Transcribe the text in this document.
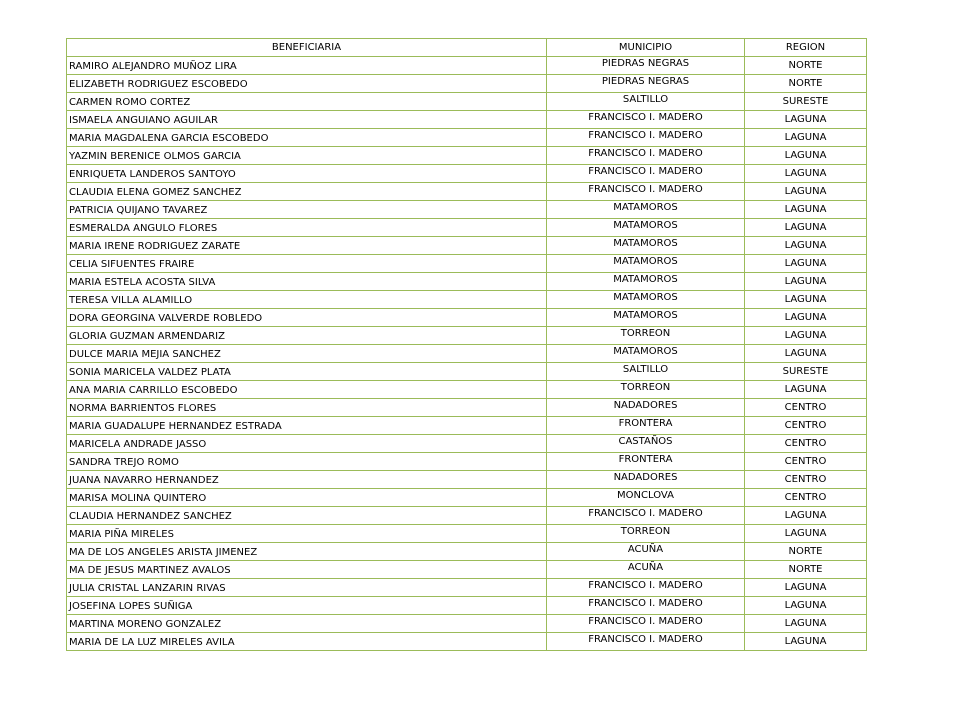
BENEFICIARIA	MUNICIPIO	REGION
RAMIRO ALEJANDRO MUÑOZ LIRA	PIEDRAS NEGRAS	NORTE
ELIZABETH RODRIGUEZ ESCOBEDO	PIEDRAS NEGRAS	NORTE
CARMEN ROMO CORTEZ	SALTILLO	SURESTE
ISMAELA ANGUIANO AGUILAR	FRANCISCO I. MADERO	LAGUNA
MARIA MAGDALENA GARCIA ESCOBEDO	FRANCISCO I. MADERO	LAGUNA
YAZMIN BERENICE OLMOS GARCIA	FRANCISCO I. MADERO	LAGUNA
ENRIQUETA LANDEROS SANTOYO	FRANCISCO I. MADERO	LAGUNA
CLAUDIA ELENA GOMEZ SANCHEZ	FRANCISCO I. MADERO	LAGUNA
PATRICIA QUIJANO TAVAREZ	MATAMOROS	LAGUNA
ESMERALDA ANGULO FLORES	MATAMOROS	LAGUNA
MARIA IRENE RODRIGUEZ ZARATE	MATAMOROS	LAGUNA
CELIA SIFUENTES FRAIRE	MATAMOROS	LAGUNA
MARIA ESTELA ACOSTA SILVA	MATAMOROS	LAGUNA
TERESA VILLA ALAMILLO	MATAMOROS	LAGUNA
DORA GEORGINA VALVERDE ROBLEDO	MATAMOROS	LAGUNA
GLORIA GUZMAN ARMENDARIZ	TORREON	LAGUNA
DULCE MARIA MEJIA SANCHEZ	MATAMOROS	LAGUNA
SONIA MARICELA VALDEZ PLATA	SALTILLO	SURESTE
ANA MARIA CARRILLO ESCOBEDO	TORREON	LAGUNA
NORMA BARRIENTOS FLORES	NADADORES	CENTRO
MARIA GUADALUPE HERNANDEZ ESTRADA	FRONTERA	CENTRO
MARICELA ANDRADE JASSO	CASTAÑOS	CENTRO
SANDRA TREJO ROMO	FRONTERA	CENTRO
JUANA NAVARRO HERNANDEZ	NADADORES	CENTRO
MARISA MOLINA QUINTERO	MONCLOVA	CENTRO
CLAUDIA HERNANDEZ SANCHEZ	FRANCISCO I. MADERO	LAGUNA
MARIA PIÑA MIRELES	TORREON	LAGUNA
MA DE LOS ANGELES ARISTA JIMENEZ	ACUÑA	NORTE
MA DE JESUS MARTINEZ AVALOS	ACUÑA	NORTE
JULIA CRISTAL LANZARIN RIVAS	FRANCISCO I. MADERO	LAGUNA
JOSEFINA LOPES SUÑIGA	FRANCISCO I. MADERO	LAGUNA
MARTINA MORENO GONZALEZ	FRANCISCO I. MADERO	LAGUNA
MARIA DE LA LUZ MIRELES AVILA	FRANCISCO I. MADERO	LAGUNA
